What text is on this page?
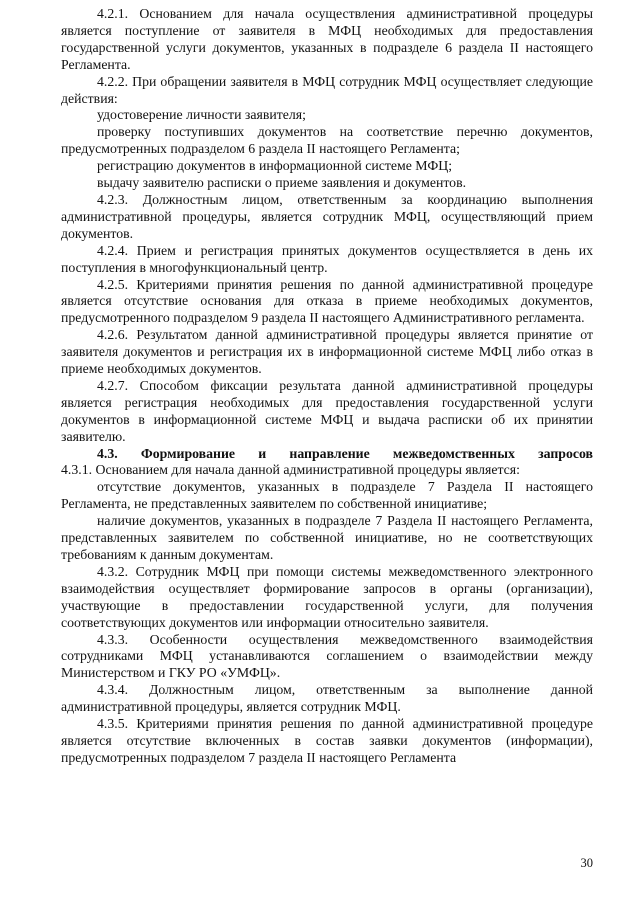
4.2.1. Основанием для начала осуществления административной процедуры является поступление от заявителя в МФЦ необходимых для предоставления государственной услуги документов, указанных в подразделе 6 раздела II настоящего Регламента.

4.2.2. При обращении заявителя в МФЦ сотрудник МФЦ осуществляет следующие действия:

удостоверение личности заявителя;

проверку поступивших документов на соответствие перечню документов, предусмотренных подразделом 6 раздела II настоящего Регламента;

регистрацию документов в информационной системе МФЦ;

выдачу заявителю расписки о приеме заявления и документов.

4.2.3. Должностным лицом, ответственным за координацию выполнения административной процедуры, является сотрудник МФЦ, осуществляющий прием документов.

4.2.4. Прием и регистрация принятых документов осуществляется в день их поступления в многофункциональный центр.

4.2.5. Критериями принятия решения по данной административной процедуре является отсутствие основания для отказа в приеме необходимых документов, предусмотренного подразделом 9 раздела II настоящего Административного регламента.

4.2.6. Результатом данной административной процедуры является принятие от заявителя документов и регистрация их в информационной системе МФЦ либо отказ в приеме необходимых документов.

4.2.7. Способом фиксации результата данной административной процедуры является регистрация необходимых для предоставления государственной услуги документов в информационной системе МФЦ и выдача расписки об их принятии заявителю.

4.3. Формирование и направление межведомственных запросов

4.3.1. Основанием для начала данной административной процедуры является:

отсутствие документов, указанных в подразделе 7 Раздела II настоящего Регламента, не представленных заявителем по собственной инициативе;

наличие документов, указанных в подразделе 7 Раздела II настоящего Регламента, представленных заявителем по собственной инициативе, но не соответствующих требованиям к данным документам.

4.3.2. Сотрудник МФЦ при помощи системы межведомственного электронного взаимодействия осуществляет формирование запросов в органы (организации), участвующие в предоставлении государственной услуги, для получения соответствующих документов или информации относительно заявителя.

4.3.3. Особенности осуществления межведомственного взаимодействия сотрудниками МФЦ устанавливаются соглашением о взаимодействии между Министерством и ГКУ РО «УМФЦ».

4.3.4. Должностным лицом, ответственным за выполнение данной административной процедуры, является сотрудник МФЦ.

4.3.5. Критериями принятия решения по данной административной процедуре является отсутствие включенных в состав заявки документов (информации), предусмотренных подразделом 7 раздела II настоящего Регламента

30
